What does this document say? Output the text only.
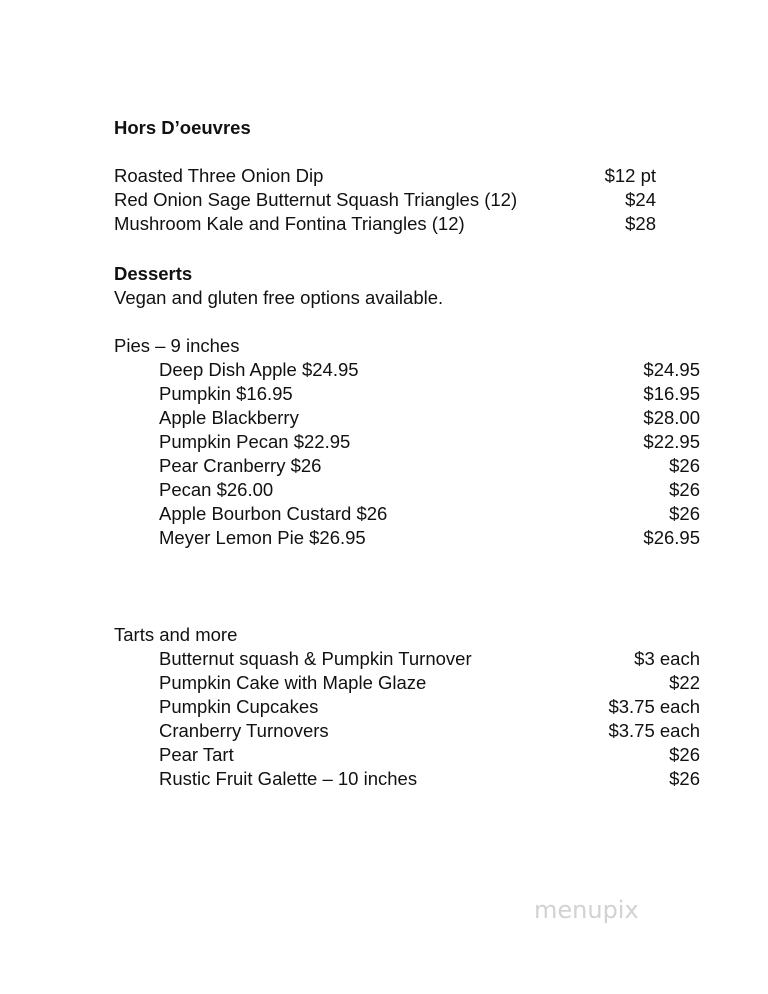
Hors D’oeuvres
Roasted Three Onion Dip	$12 pt
Red Onion Sage Butternut Squash Triangles (12)	$24
Mushroom Kale and Fontina Triangles (12)	$28
Desserts
Vegan and gluten free options available.
Pies – 9 inches
Deep Dish Apple $24.95	$24.95
Pumpkin $16.95	$16.95
Apple Blackberry	$28.00
Pumpkin Pecan $22.95	$22.95
Pear Cranberry $26	$26
Pecan $26.00	$26
Apple Bourbon Custard $26	$26
Meyer Lemon Pie $26.95	$26.95
Tarts and more
Butternut squash & Pumpkin Turnover	$3 each
Pumpkin Cake with Maple Glaze	$22
Pumpkin Cupcakes	$3.75 each
Cranberry Turnovers	$3.75 each
Pear Tart	$26
Rustic Fruit Galette – 10 inches	$26
menupix
